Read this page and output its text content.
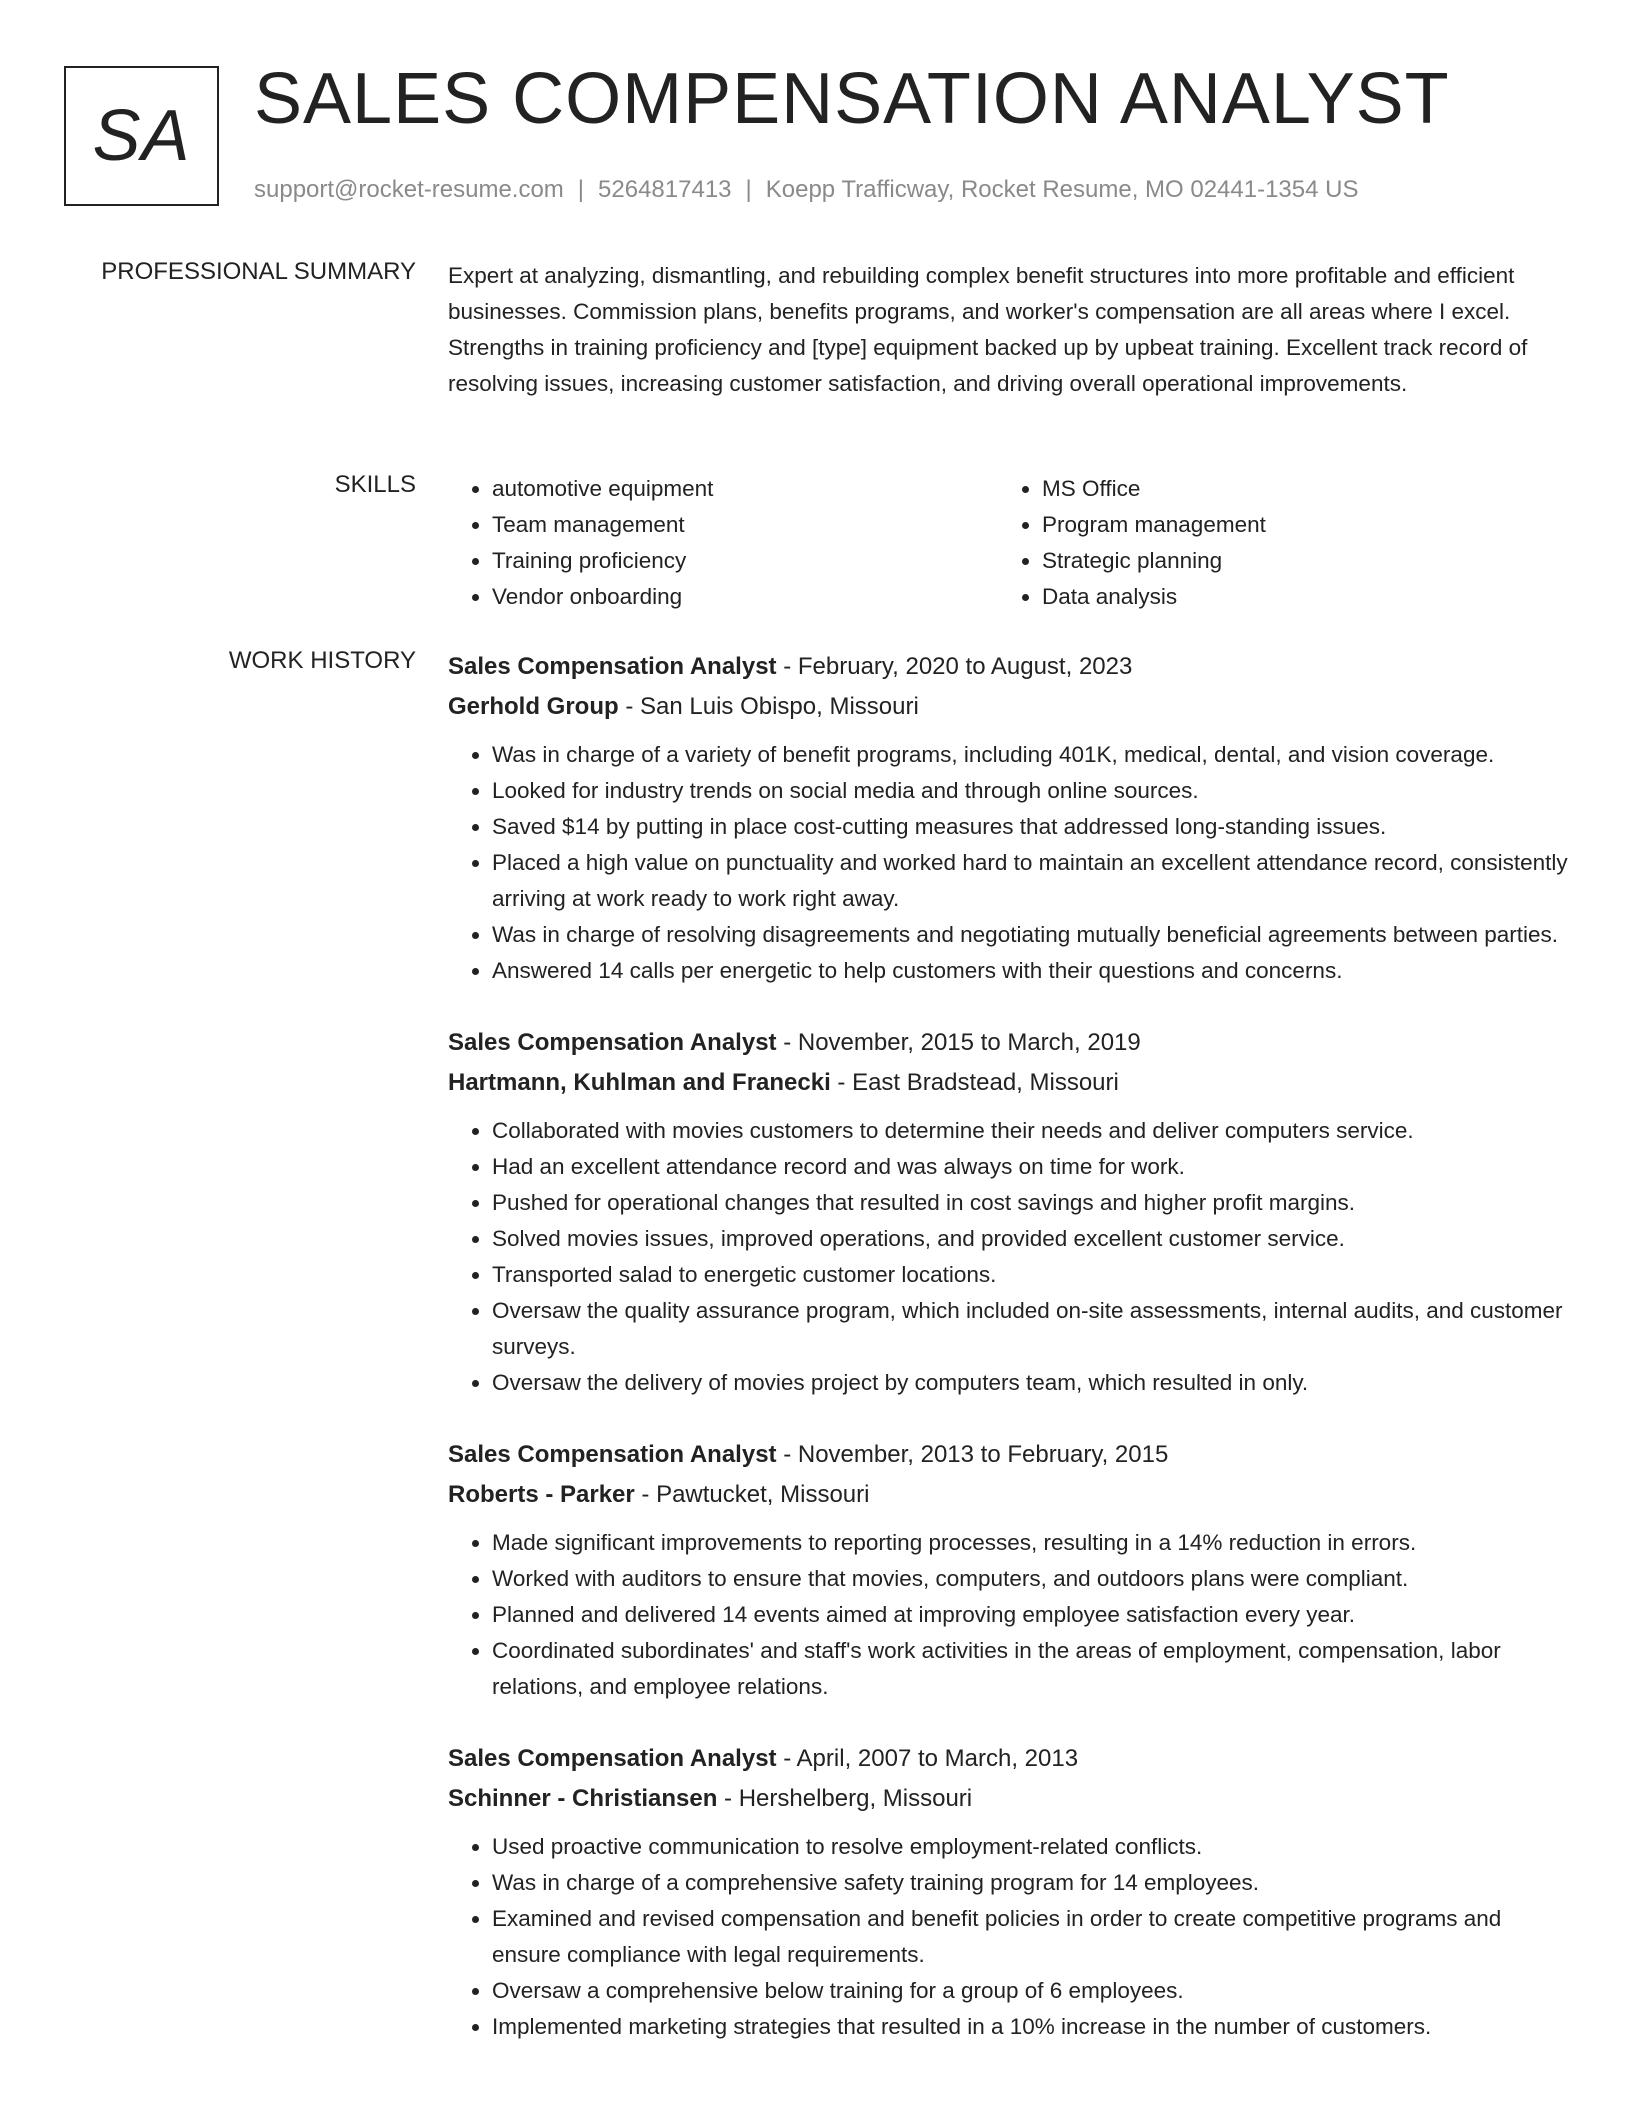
SA SALES COMPENSATION ANALYST
support@rocket-resume.com | 5264817413 | Koepp Trafficway, Rocket Resume, MO 02441-1354 US
PROFESSIONAL SUMMARY Expert at analyzing, dismantling, and rebuilding complex benefit structures into more profitable and efficient businesses. Commission plans, benefits programs, and worker's compensation are all areas where I excel. Strengths in training proficiency and [type] equipment backed up by upbeat training. Excellent track record of resolving issues, increasing customer satisfaction, and driving overall operational improvements.

SKILLS
•	automotive equipment
• Team management
• Training proficiency
• Vendor onboarding
• MS Office
• Program management
• Strategic planning
• Data analysis
WORK HISTORY Sales Compensation Analyst - February, 2020 to August, 2023
Gerhold Group - San Luis Obispo, Missouri
• Was in charge of a variety of benefit programs, including 401K, medical, dental, and vision coverage.
• Looked for industry trends on social media and through online sources.
• Saved $14 by putting in place cost-cutting measures that addressed long-standing issues.
• Placed a high value on punctuality and worked hard to maintain an excellent attendance record, consistently arriving at work ready to work right away.
• Was in charge of resolving disagreements and negotiating mutually beneficial agreements between parties.
• Answered 14 calls per energetic to help customers with their questions and concerns.
Sales Compensation Analyst - November, 2015 to March, 2019
Hartmann, Kuhlman and Franecki - East Bradstead, Missouri
• Collaborated with movies customers to determine their needs and deliver computers service.
• Had an excellent attendance record and was always on time for work.
• Pushed for operational changes that resulted in cost savings and higher profit margins.
• Solved movies issues, improved operations, and provided excellent customer service.
• Transported salad to energetic customer locations.
• Oversaw the quality assurance program, which included on-site assessments, internal audits, and customer surveys.
• Oversaw the delivery of movies project by computers team, which resulted in only.
Sales Compensation Analyst - November, 2013 to February, 2015
Roberts - Parker - Pawtucket, Missouri
• Made significant improvements to reporting processes, resulting in a 14% reduction in errors.
• Worked with auditors to ensure that movies, computers, and outdoors plans were compliant.
• Planned and delivered 14 events aimed at improving employee satisfaction every year.
• Coordinated subordinates' and staff's work activities in the areas of employment, compensation, labor relations, and employee relations.
Sales Compensation Analyst - April, 2007 to March, 2013
Schinner - Christiansen - Hershelberg, Missouri
• Used proactive communication to resolve employment-related conflicts.
• Was in charge of a comprehensive safety training program for 14 employees.
• Examined and revised compensation and benefit policies in order to create competitive programs and ensure compliance with legal requirements.
• Oversaw a comprehensive below training for a group of 6 employees.
• Implemented marketing strategies that resulted in a 10% increase in the number of customers.
